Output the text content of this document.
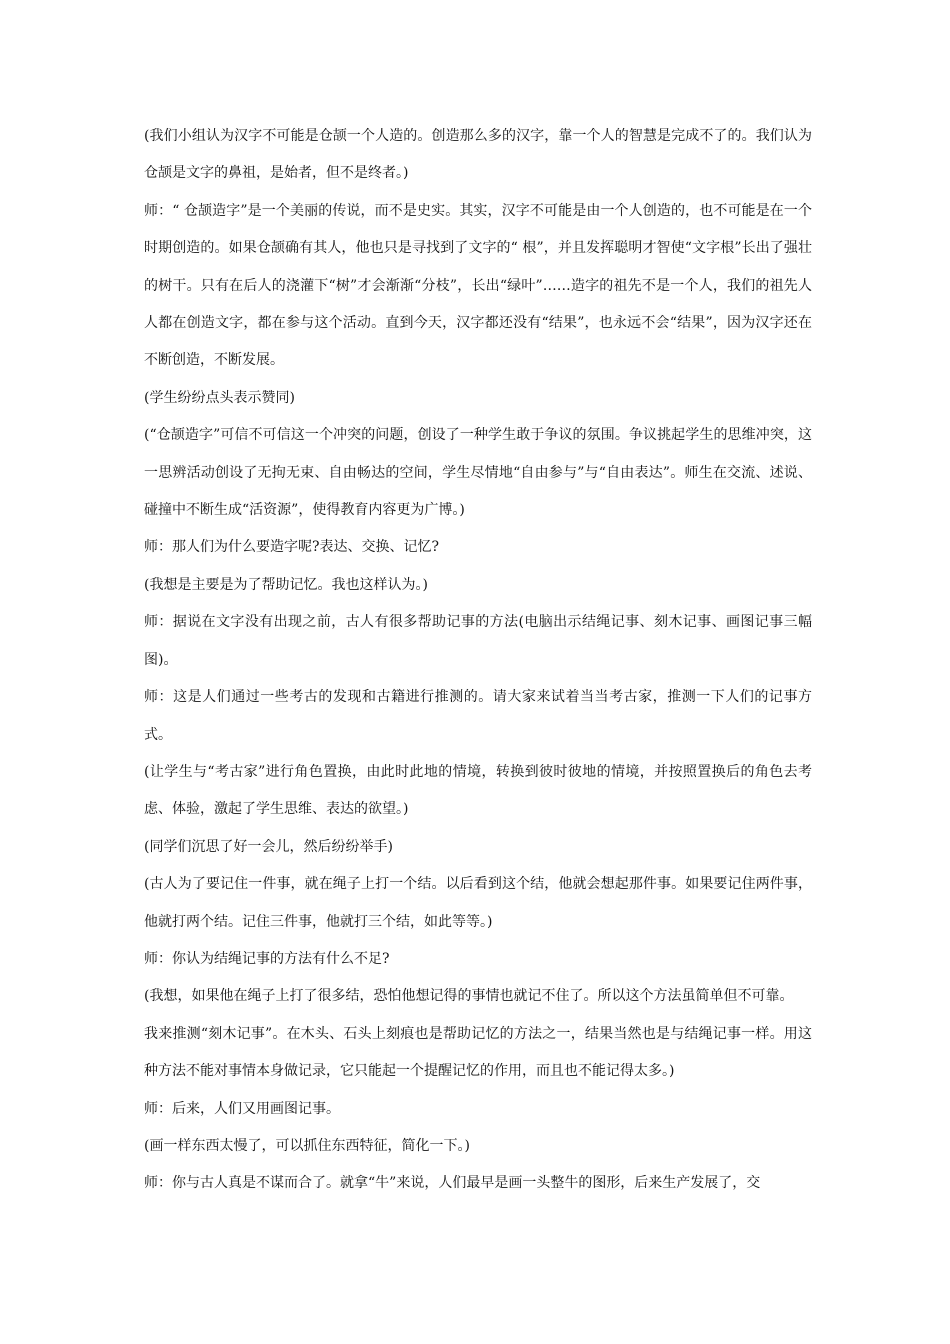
(我们小组认为汉字不可能是仓颉一个人造的。创造那么多的汉字，靠一个人的智慧是完成不了的。我们认为仓颉是文字的鼻祖，是始者，但不是终者。)

师：“ 仓颉造字”是一个美丽的传说，而不是史实。其实，汉字不可能是由一个人创造的，也不可能是在一个时期创造的。如果仓颉确有其人，他也只是寻找到了文字的“ 根”，并且发挥聪明才智使“文字根”长出了强壮的树干。只有在后人的浇灌下“树”才会渐渐“分枝”，长出“绿叶”……造字的祖先不是一个人，我们的祖先人人都在创造文字，都在参与这个活动。直到今天，汉字都还没有“结果”，也永远不会“结果”，因为汉字还在不断创造，不断发展。

(学生纷纷点头表示赞同)

(“仓颉造字”可信不可信这一个冲突的问题，创设了一种学生敢于争议的氛围。争议挑起学生的思维冲突，这一思辨活动创设了无拘无束、自由畅达的空间，学生尽情地“自由参与”与“自由表达”。师生在交流、述说、碰撞中不断生成“活资源”，使得教育内容更为广博。)

师：那人们为什么要造字呢?表达、交换、记忆?

(我想是主要是为了帮助记忆。我也这样认为。)

师：据说在文字没有出现之前，古人有很多帮助记事的方法(电脑出示结绳记事、刻木记事、画图记事三幅图)。

师：这是人们通过一些考古的发现和古籍进行推测的。请大家来试着当当考古家，推测一下人们的记事方式。

(让学生与“考古家”进行角色置换，由此时此地的情境，转换到彼时彼地的情境，并按照置换后的角色去考虑、体验，激起了学生思维、表达的欲望。)

(同学们沉思了好一会儿，然后纷纷举手)

(古人为了要记住一件事，就在绳子上打一个结。以后看到这个结，他就会想起那件事。如果要记住两件事，他就打两个结。记住三件事，他就打三个结，如此等等。)

师：你认为结绳记事的方法有什么不足?

(我想，如果他在绳子上打了很多结，恐怕他想记得的事情也就记不住了。所以这个方法虽简单但不可靠。

我来推测“刻木记事”。在木头、石头上刻痕也是帮助记忆的方法之一，结果当然也是与结绳记事一样。用这种方法不能对事情本身做记录，它只能起一个提醒记忆的作用，而且也不能记得太多。)

师：后来，人们又用画图记事。

(画一样东西太慢了，可以抓住东西特征，简化一下。)

师：你与古人真是不谋而合了。就拿“牛”来说，人们最早是画一头整牛的图形，后来生产发展了，交
